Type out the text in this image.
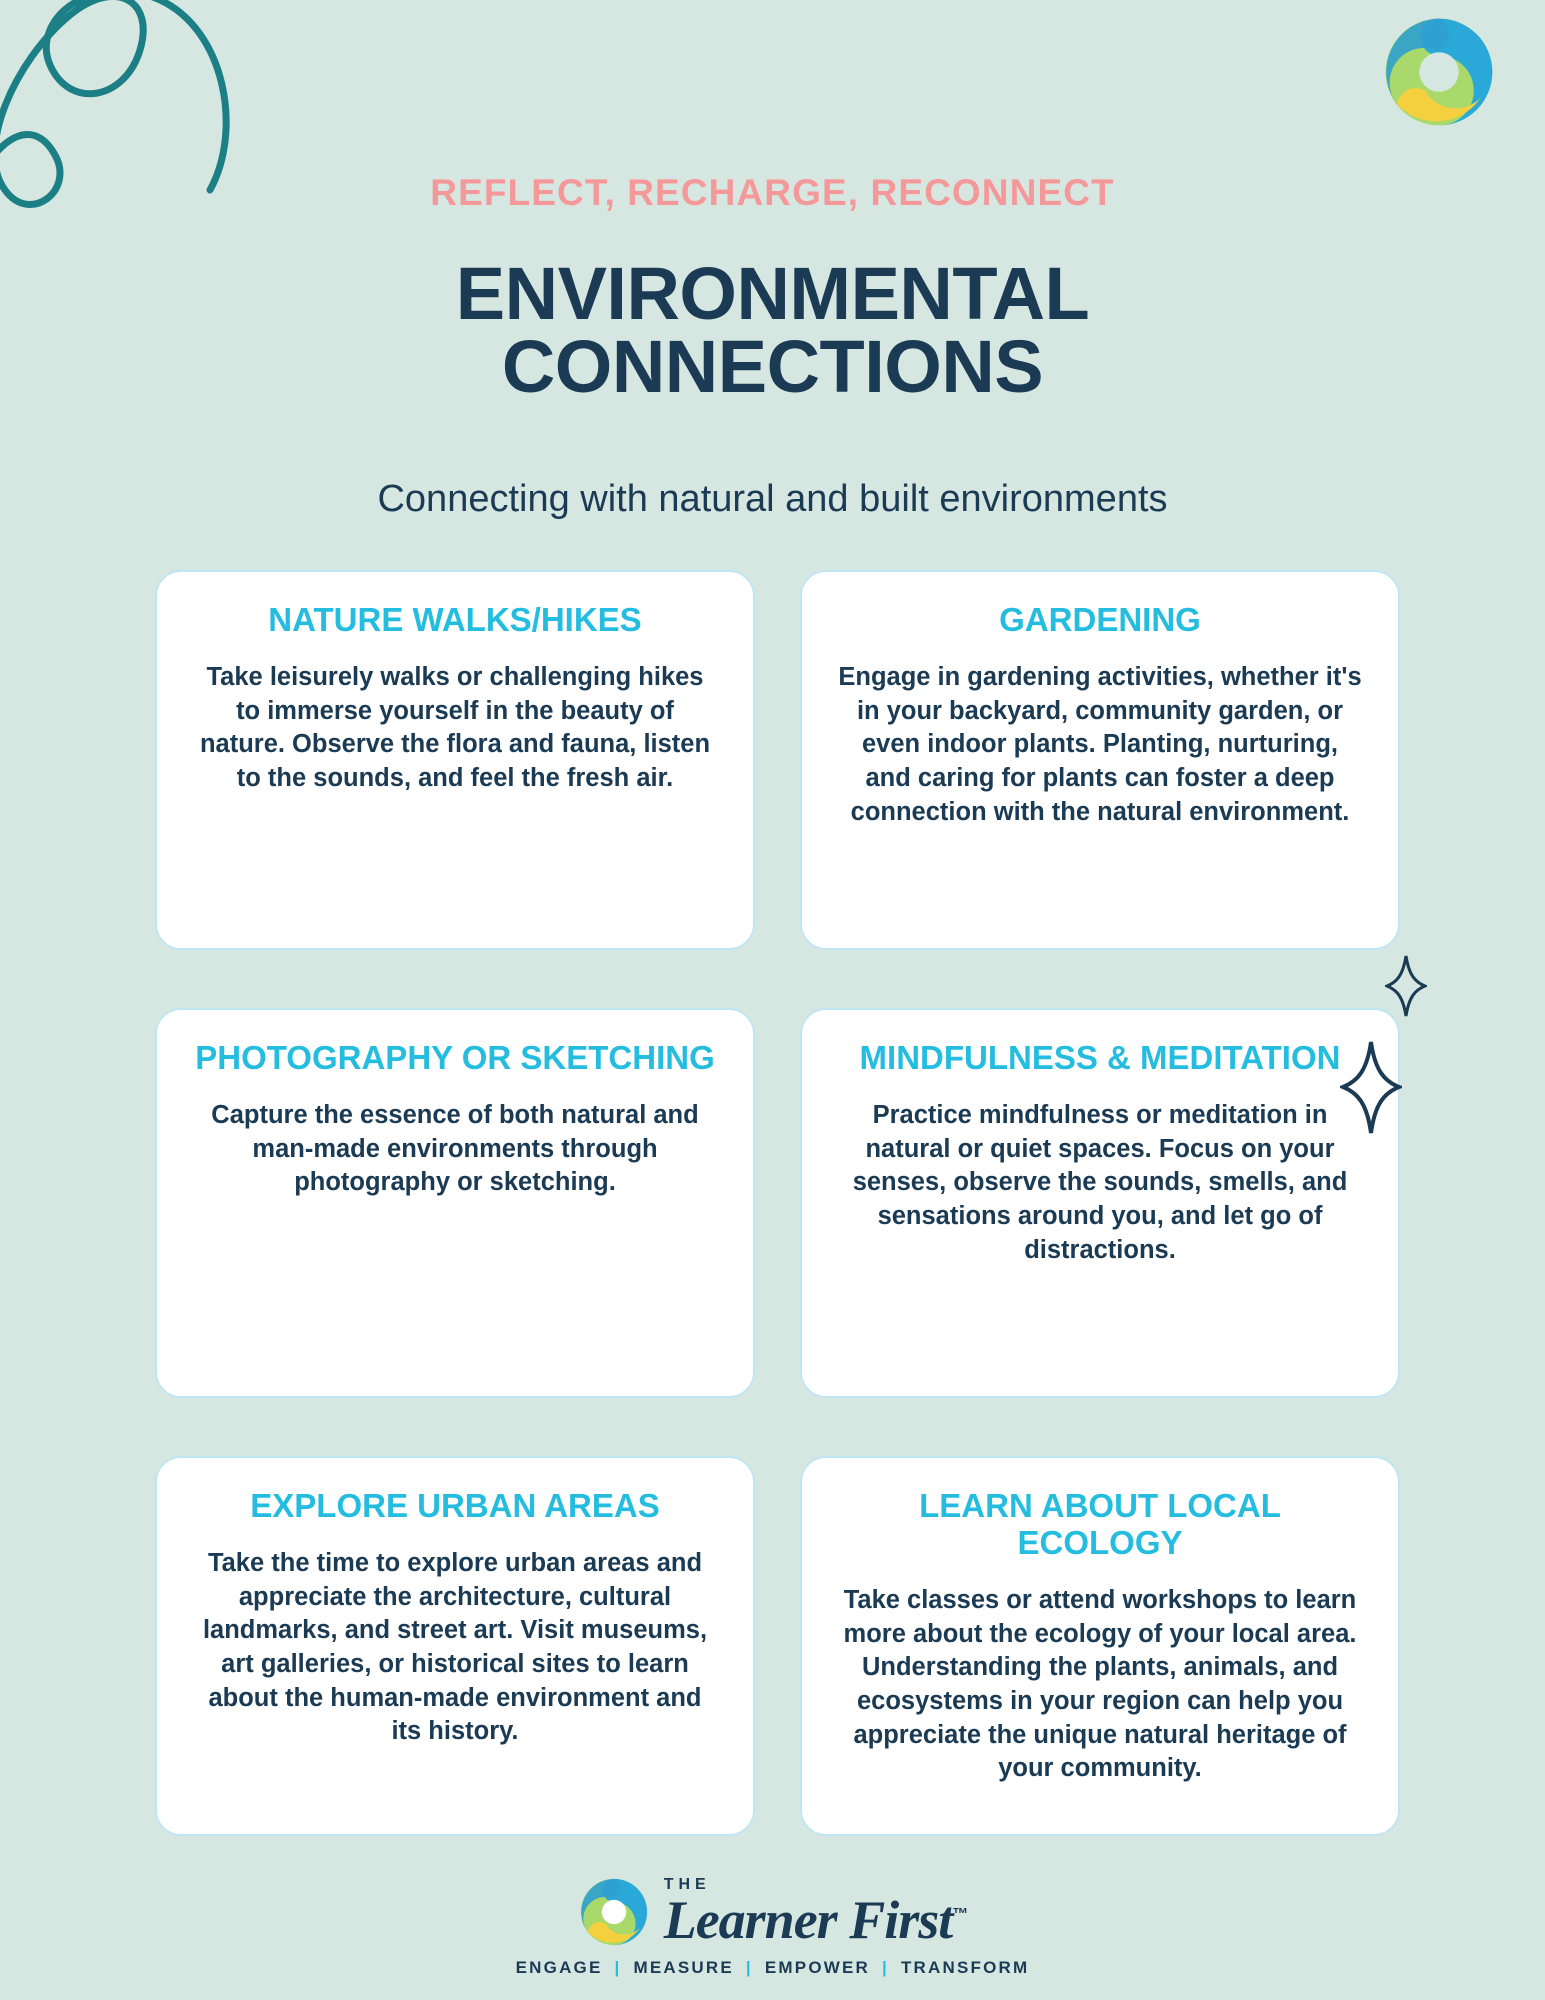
REFLECT, RECHARGE, RECONNECT
ENVIRONMENTAL
CONNECTIONS
Connecting with natural and built environments
NATURE WALKS/HIKES
Take leisurely walks or challenging hikes to immerse yourself in the beauty of nature. Observe the flora and fauna, listen to the sounds, and feel the fresh air.
GARDENING
Engage in gardening activities, whether it's in your backyard, community garden, or even indoor plants. Planting, nurturing, and caring for plants can foster a deep connection with the natural environment.
PHOTOGRAPHY OR SKETCHING
Capture the essence of both natural and man-made environments through photography or sketching.
MINDFULNESS & MEDITATION
Practice mindfulness or meditation in natural or quiet spaces. Focus on your senses, observe the sounds, smells, and sensations around you, and let go of distractions.
EXPLORE URBAN AREAS
Take the time to explore urban areas and appreciate the architecture, cultural landmarks, and street art. Visit museums, art galleries, or historical sites to learn about the human-made environment and its history.
LEARN ABOUT LOCAL ECOLOGY
Take classes or attend workshops to learn more about the ecology of your local area. Understanding the plants, animals, and ecosystems in your region can help you appreciate the unique natural heritage of your community.
THE
Learner First™
ENGAGE | MEASURE | EMPOWER | TRANSFORM
